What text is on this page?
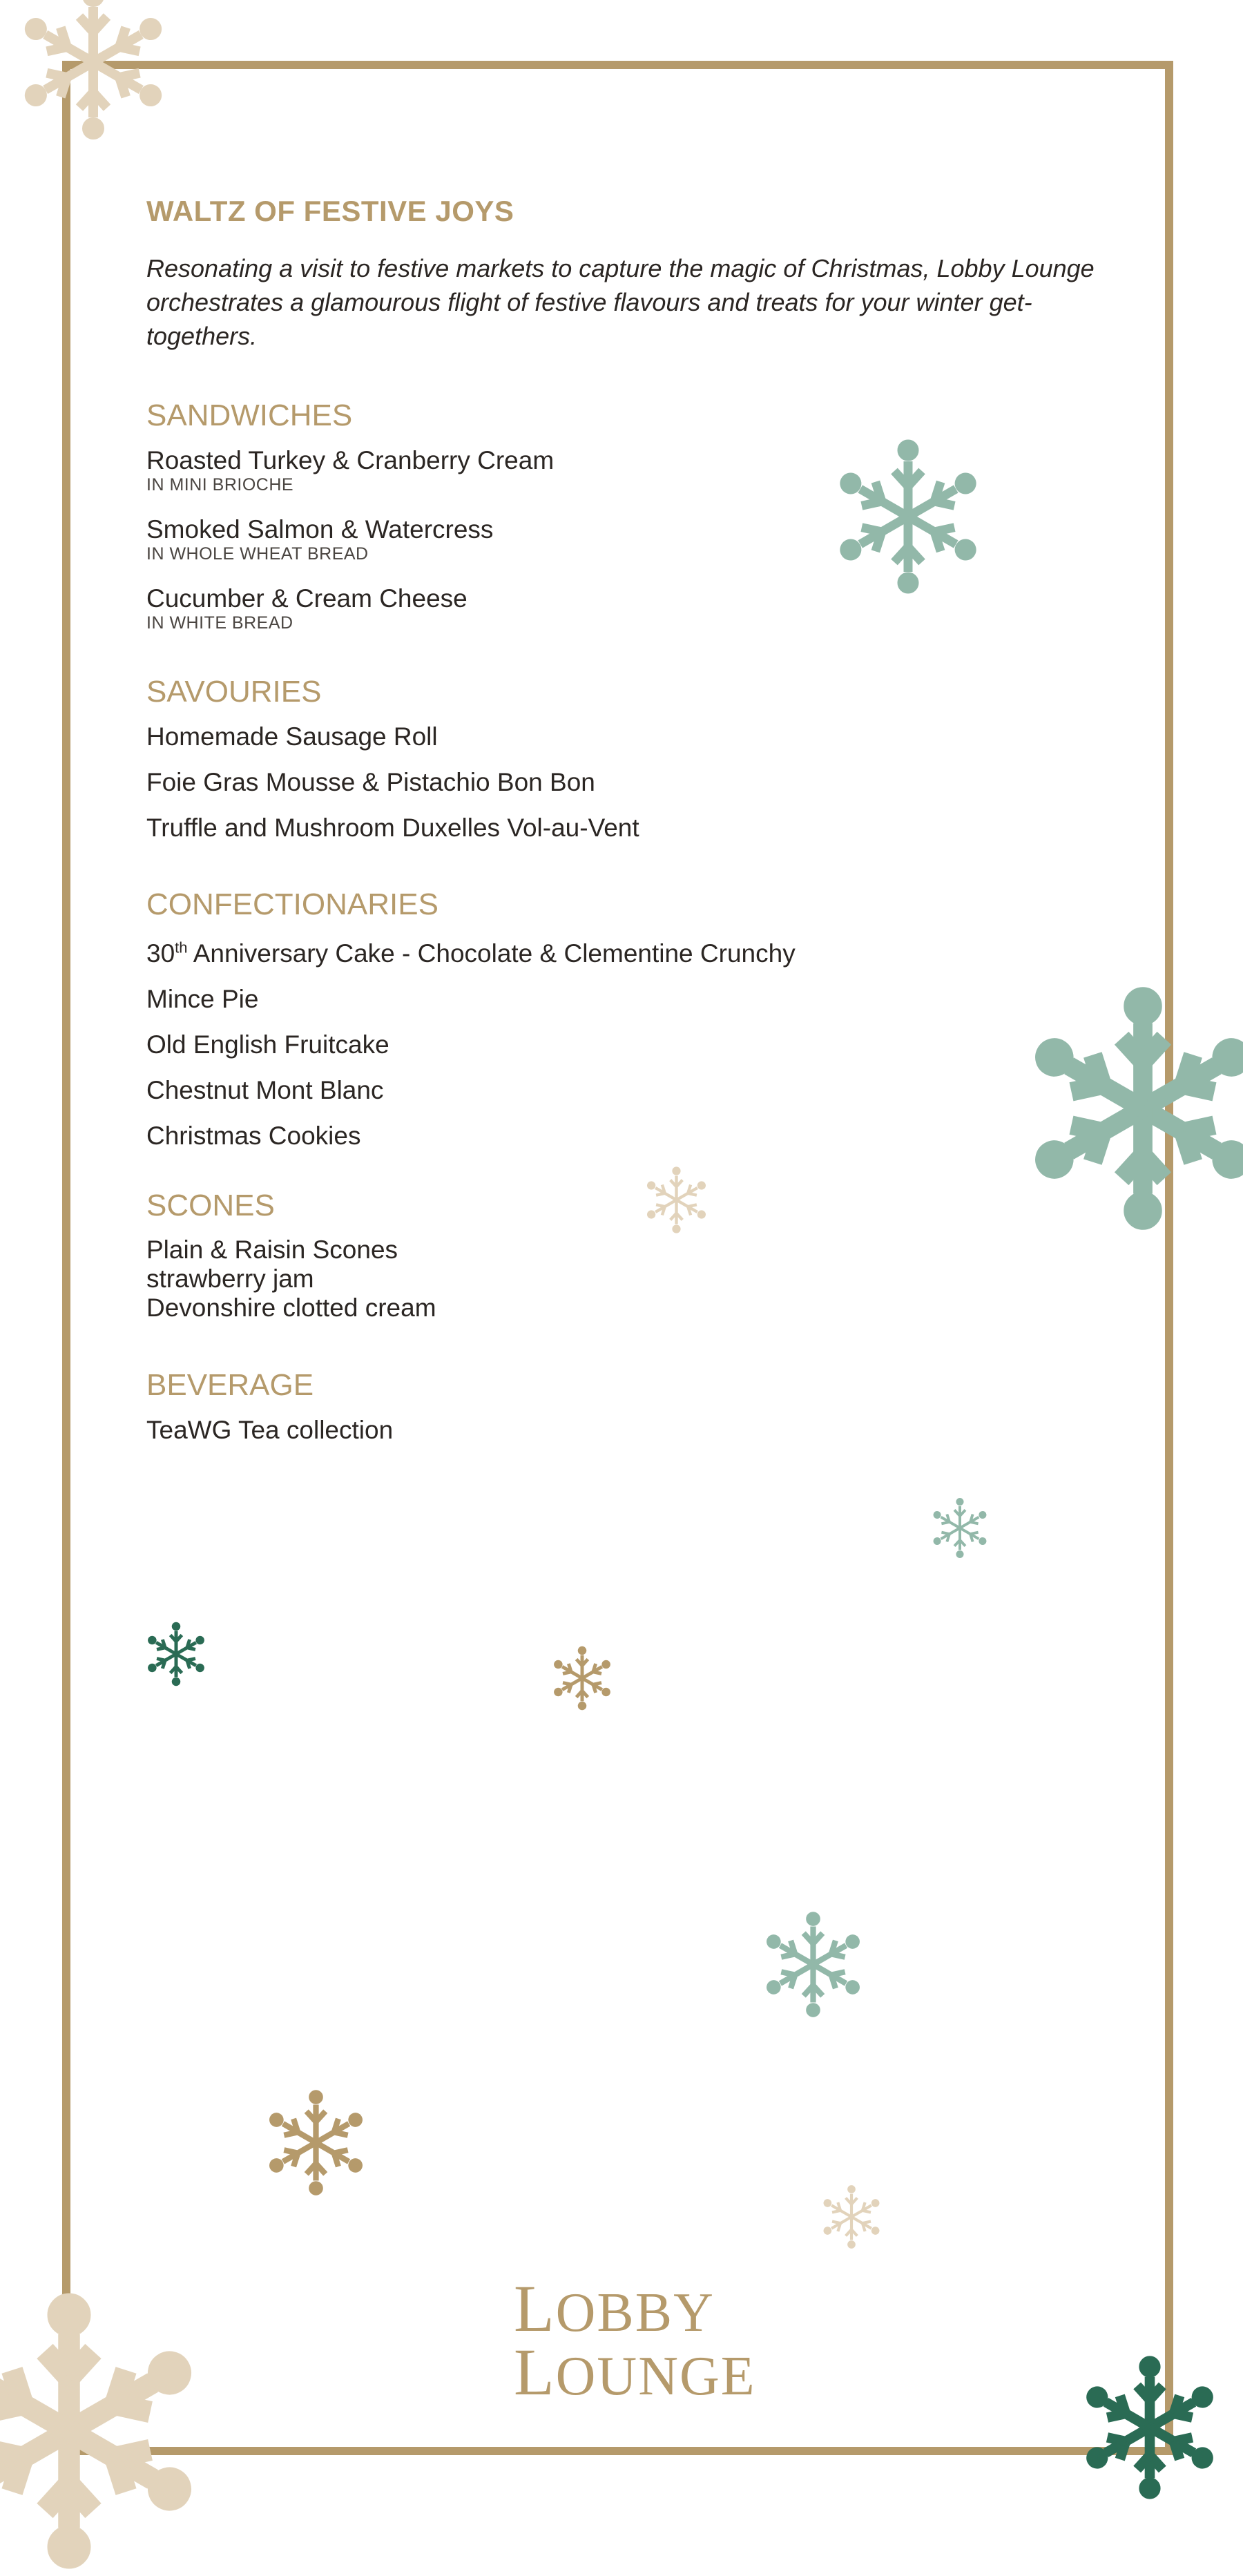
WALTZ OF FESTIVE JOYS

Resonating a visit to festive markets to capture the magic of Christmas, Lobby Lounge orchestrates a glamourous flight of festive flavours and treats for your winter get-togethers.

SANDWICHES
Roasted Turkey & Cranberry Cream
IN MINI BRIOCHE
Smoked Salmon & Watercress
IN WHOLE WHEAT BREAD
Cucumber & Cream Cheese
IN WHITE BREAD
SAVOURIES
Homemade Sausage Roll
Foie Gras Mousse & Pistachio Bon Bon
Truffle and Mushroom Duxelles Vol-au-Vent
CONFECTIONARIES
30th Anniversary Cake - Chocolate & Clementine Crunchy
Mince Pie
Old English Fruitcake
Chestnut Mont Blanc
Christmas Cookies
SCONES
Plain & Raisin Scones
strawberry jam
Devonshire clotted cream
BEVERAGE
TeaWG Tea collection
LOBBY
LOUNGE
